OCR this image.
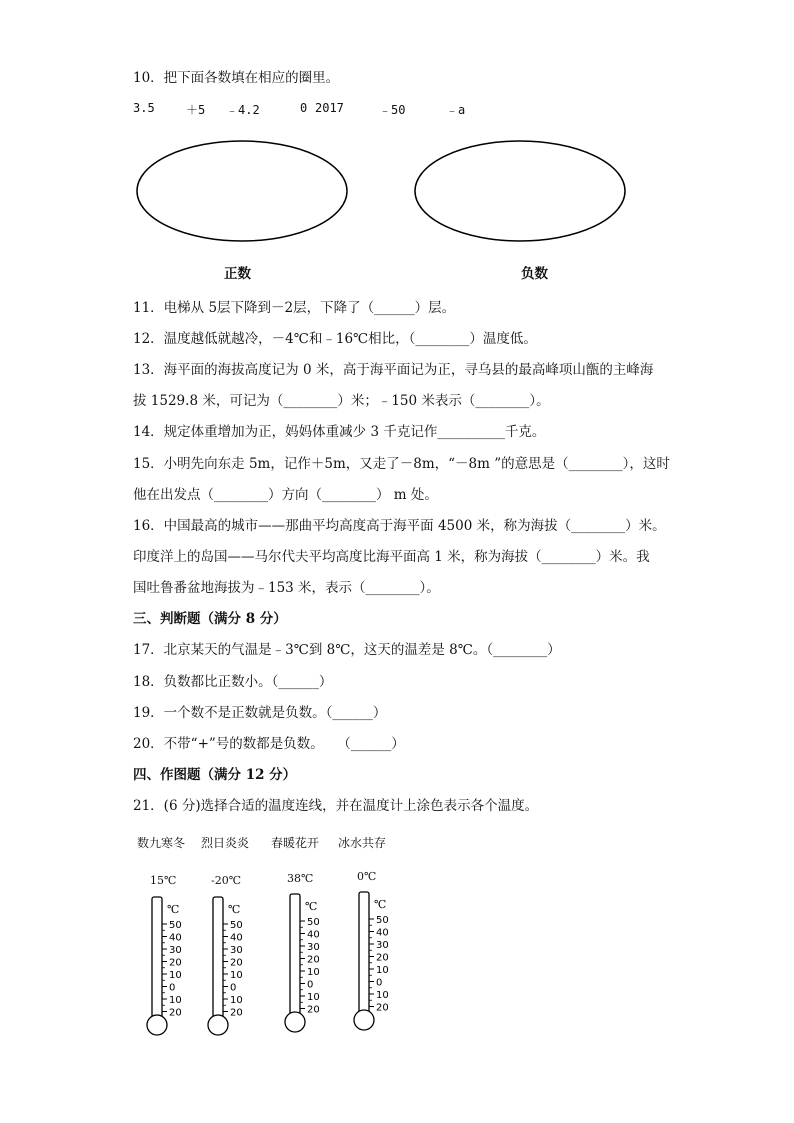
10．把下面各数填在相应的圈里。
3.5	＋5 ﹣4.2	0 2017	﹣50	﹣a
正数	负数
11．电梯从 5层下降到－2层，下降了（______）层。
12．温度越低就越冷，－4℃和﹣16℃相比，（________）温度低。
13．海平面的海拔高度记为 0 米，高于海平面记为正，寻乌县的最高峰项山甑的主峰海
拔 1529.8 米，可记为（________）米；﹣150 米表示（________）。
14．规定体重增加为正，妈妈体重减少 3 千克记作__________千克。
15．小明先向东走 5m，记作＋5m，又走了－8m，“－8m ”的意思是（________），这时
他在出发点（________）方向（________） m 处。
16．中国最高的城市——那曲平均高度高于海平面 4500 米，称为海拔（________）米。
印度洋上的岛国——马尔代夫平均高度比海平面高 1 米，称为海拔（________）米。我
国吐鲁番盆地海拔为﹣153 米，表示（________）。
三、判断题（满分 8 分）
17．北京某天的气温是﹣3℃到 8℃，这天的温差是 8℃。（________）
18．负数都比正数小。（______）
19．一个数不是正数就是负数。（______）
20．不带“+”号的数都是负数。　　（______）
四、作图题（满分 12 分）
21．(6 分)选择合适的温度连线，并在温度计上涂色表示各个温度。
数九寒冬 烈日炎炎 春暖花开 冰水共存
15℃	-20℃	38℃	0℃
℃
50
40
30
20
10
0
10
20
℃
50
40
30
20
10
0
10
20
℃
50
40
30
20
10
0
10
20
℃
50
40
30
20
10
0
10
20
